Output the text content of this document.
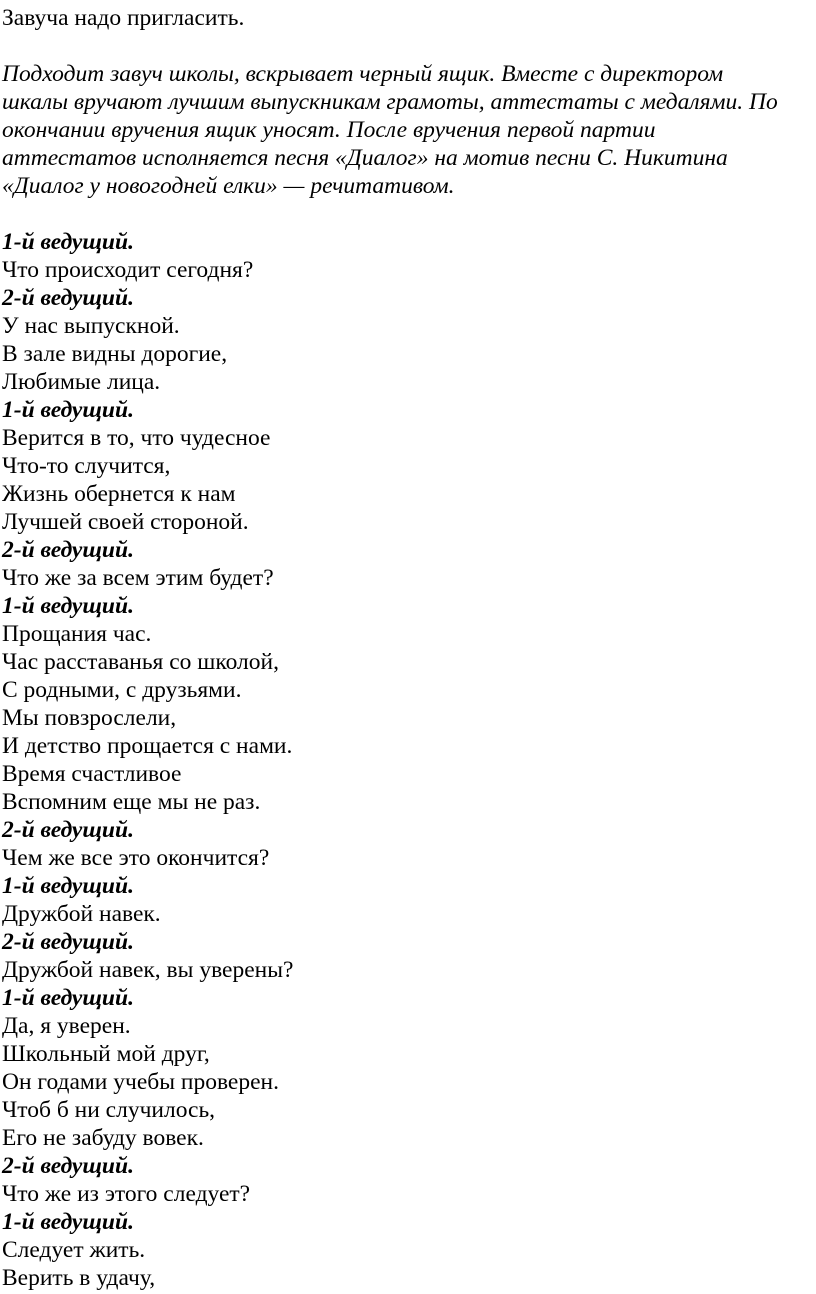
Завуча надо пригласить.
Подходит завуч школы, вскрывает черный ящик. Вместе с директором
шкалы вручают лучшим выпускникам грамоты, аттестаты с медалями. По
окончании вручения ящик уносят. После вручения первой партии
аттестатов исполняется песня «Диалог» на мотив песни С. Никитина
«Диалог у новогодней елки» — речитативом.
1-й ведущий.
Что происходит сегодня?
2-й ведущий.
У нас выпускной.
В зале видны дорогие,
Любимые лица.
1-й ведущий.
Верится в то, что чудесное
Что-то случится,
Жизнь обернется к нам
Лучшей своей стороной.
2-й ведущий.
Что же за всем этим будет?
1-й ведущий.
Прощания час.
Час расставанья со школой,
С родными, с друзьями.
Мы повзрослели,
И детство прощается с нами.
Время счастливое
Вспомним еще мы не раз.
2-й ведущий.
Чем же все это окончится?
1-й ведущий.
Дружбой навек.
2-й ведущий.
Дружбой навек, вы уверены?
1-й ведущий.
Да, я уверен.
Школьный мой друг,
Он годами учебы проверен.
Чтоб б ни случилось,
Его не забуду вовек.
2-й ведущий.
Что же из этого следует?
1-й ведущий.
Следует жить.
Верить в удачу,
